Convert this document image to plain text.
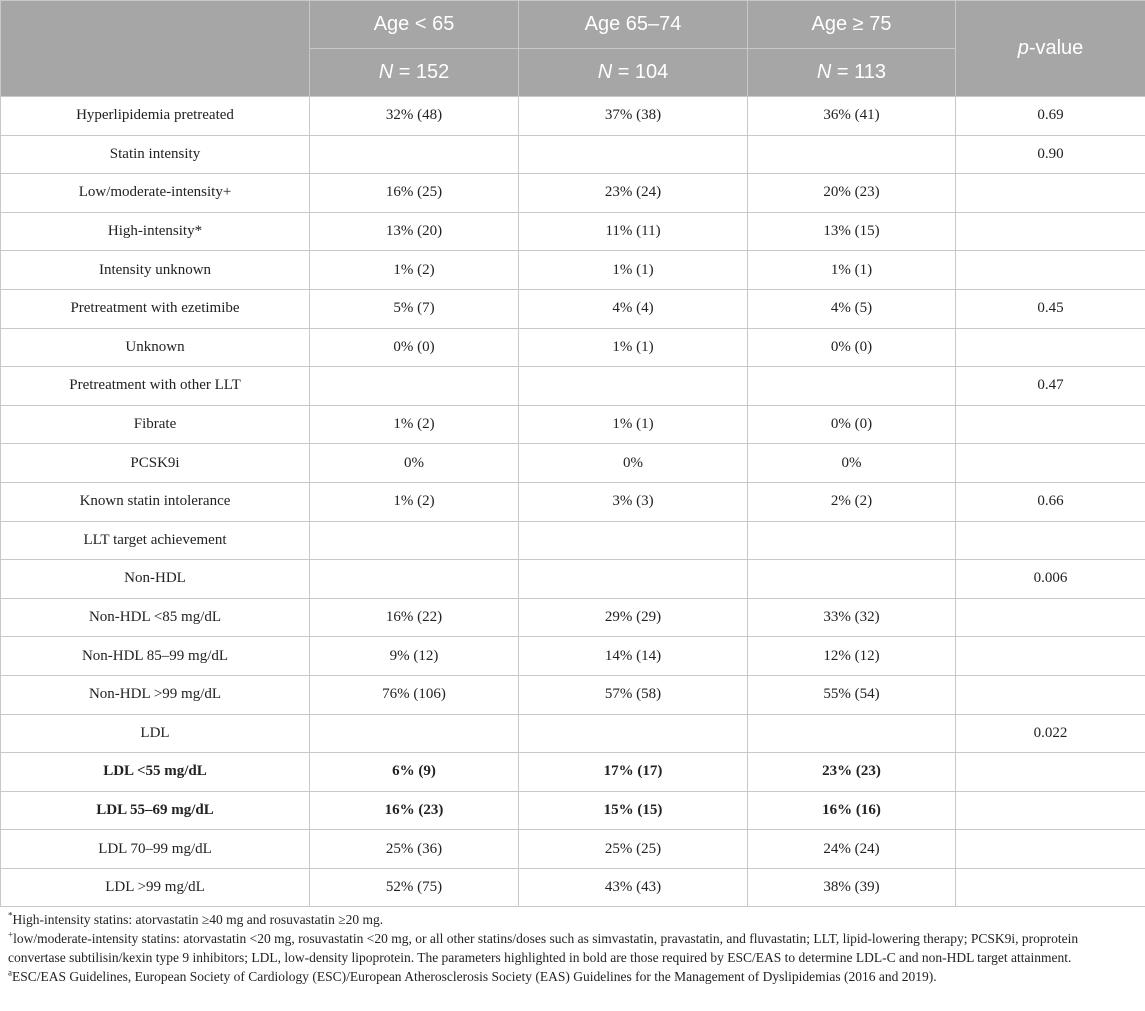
	Age < 65	Age 65–74	Age ≥ 75	p-value
	N = 152	N = 104	N = 113	
Hyperlipidemia pretreated	32% (48)	37% (38)	36% (41)	0.69
Statin intensity				0.90
Low/moderate-intensity+	16% (25)	23% (24)	20% (23)	
High-intensity*	13% (20)	11% (11)	13% (15)	
Intensity unknown	1% (2)	1% (1)	1% (1)	
Pretreatment with ezetimibe	5% (7)	4% (4)	4% (5)	0.45
Unknown	0% (0)	1% (1)	0% (0)	
Pretreatment with other LLT				0.47
Fibrate	1% (2)	1% (1)	0% (0)	
PCSK9i	0%	0%	0%	
Known statin intolerance	1% (2)	3% (3)	2% (2)	0.66
LLT target achievement				
Non-HDL				0.006
Non-HDL <85 mg/dL	16% (22)	29% (29)	33% (32)	
Non-HDL 85–99 mg/dL	9% (12)	14% (14)	12% (12)	
Non-HDL >99 mg/dL	76% (106)	57% (58)	55% (54)	
LDL				0.022
LDL <55 mg/dL	6% (9)	17% (17)	23% (23)	
LDL 55–69 mg/dL	16% (23)	15% (15)	16% (16)	
LDL 70–99 mg/dL	25% (36)	25% (25)	24% (24)	
LDL >99 mg/dL	52% (75)	43% (43)	38% (39)	

*High-intensity statins: atorvastatin ≥40 mg and rosuvastatin ≥20 mg.

+low/moderate-intensity statins: atorvastatin <20 mg, rosuvastatin <20 mg, or all other statins/doses such as simvastatin, pravastatin, and fluvastatin; LLT, lipid-lowering therapy; PCSK9i, proprotein convertase subtilisin/kexin type 9 inhibitors; LDL, low-density lipoprotein. The parameters highlighted in bold are those required by ESC/EAS to determine LDL-C and non-HDL target attainment.

$^a$ESC/EAS Guidelines, European Society of Cardiology (ESC)/European Atherosclerosis Society (EAS) Guidelines for the Management of Dyslipidemias (2016 and 2019).
